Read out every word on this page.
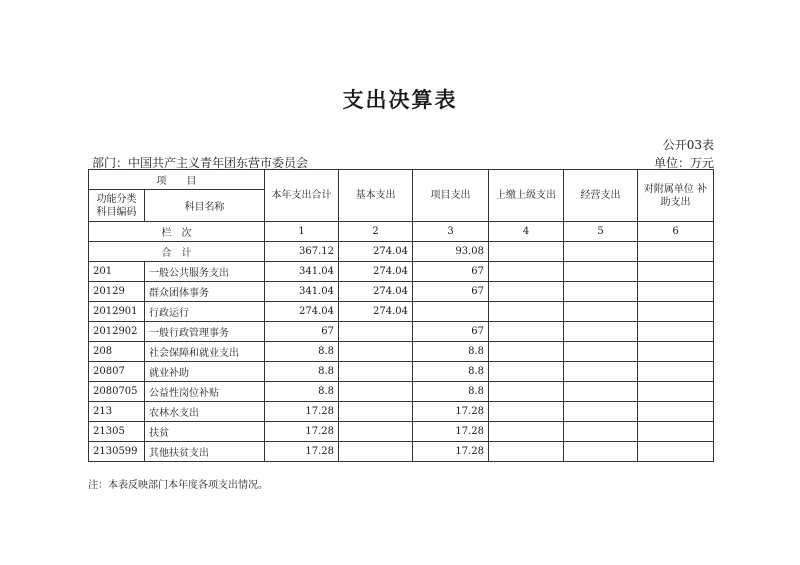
支出决算表
公开03表
部门：中国共产主义青年团东营市委员会	单位：万元
项　　目		本年支出合计	基本支出	项目支出	上缴上级支出	经营支出	对附属单位 补助支出
功能分类 科目编码	科目名称						
栏　次		1	2	3	4	5	6
合　计		367.12	274.04	93.08			
201	一般公共服务支出	341.04	274.04	67			
20129	群众团体事务	341.04	274.04	67			
2012901	行政运行	274.04	274.04				
2012902	一般行政管理事务	67		67			
208	社会保障和就业支出	8.8		8.8			
20807	就业补助	8.8		8.8			
2080705	公益性岗位补贴	8.8		8.8			
213	农林水支出	17.28		17.28			
21305	扶贫	17.28		17.28			
2130599	其他扶贫支出	17.28		17.28			
注：本表反映部门本年度各项支出情况。
